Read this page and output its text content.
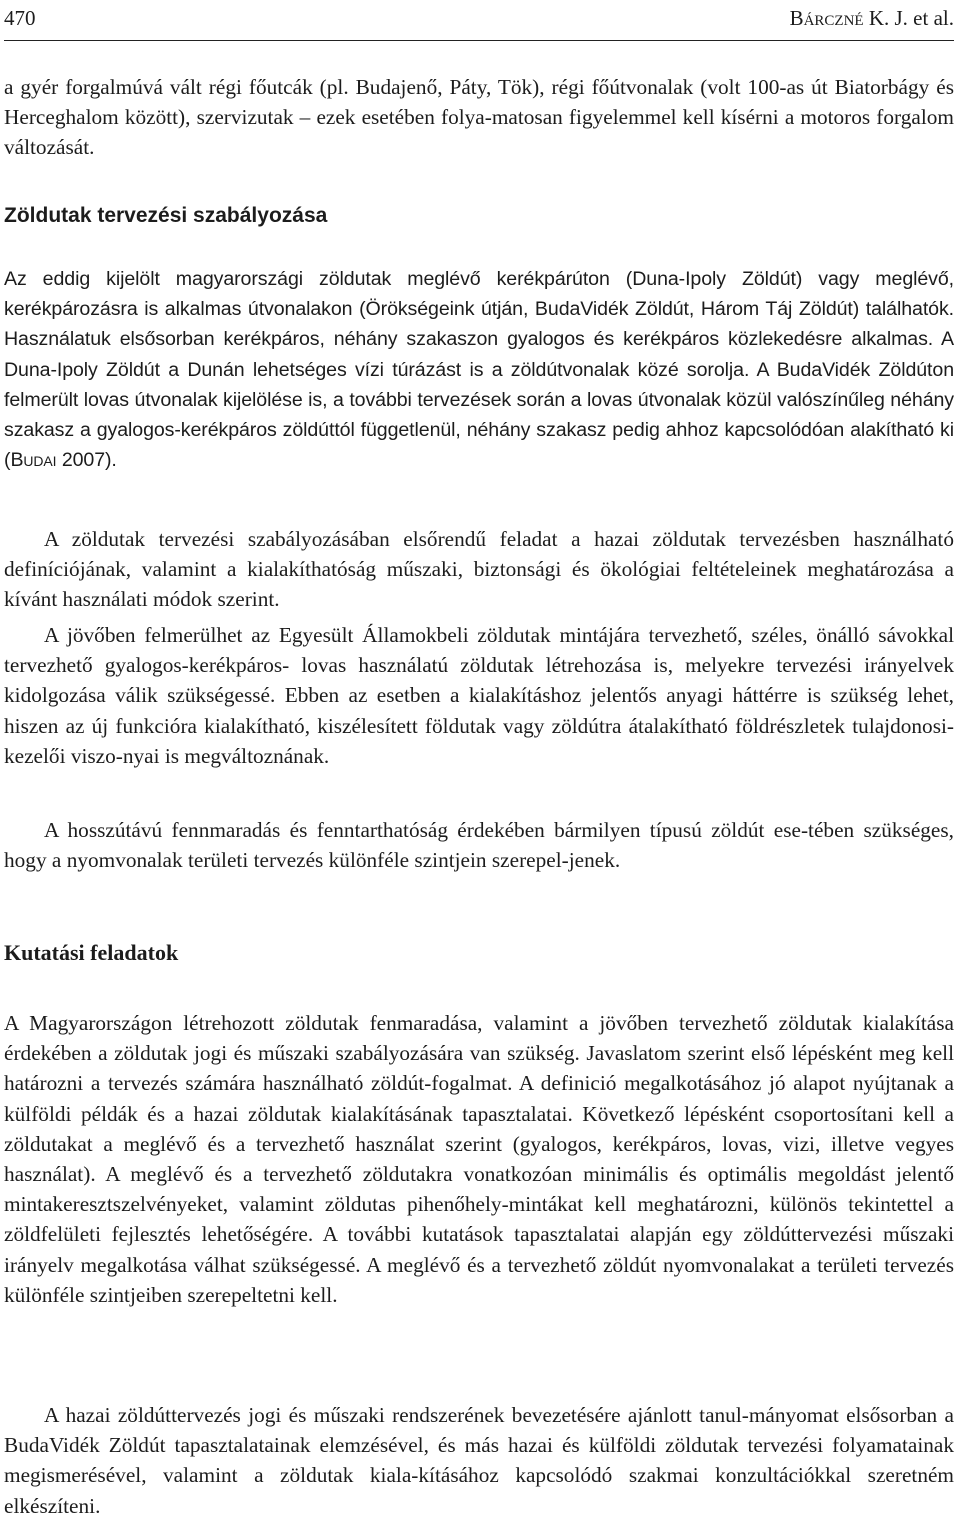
470	Bárczné K. J. et al.

a gyér forgalmúvá vált régi főutcák (pl. Budajenő, Páty, Tök), régi főútvonalak (volt 100-as út Biatorbágy és Herceghalom között), szervizutak – ezek esetében folya-matosan figyelemmel kell kísérni a motoros forgalom változását.

Zöldutak tervezési szabályozása

Az eddig kijelölt magyarországi zöldutak meglévő kerékpárúton (Duna-Ipoly Zöldút) vagy meglévő, kerékpározásra is alkalmas útvonalakon (Örökségeink útján, BudaVidék Zöldút, Három Táj Zöldút) találhatók. Használatuk elsősorban kerékpáros, néhány szakaszon gyalogos és kerékpáros közlekedésre alkalmas. A Duna-Ipoly Zöldút a Dunán lehetséges vízi túrázást is a zöldútvonalak közé sorolja. A BudaVidék Zöldúton felmerült lovas útvonalak kijelölése is, a további tervezések során a lovas útvonalak közül valószínűleg néhány szakasz a gyalogos-kerékpáros zöldúttól függetlenül, néhány szakasz pedig ahhoz kapcsolódóan alakítható ki (Budai 2007).

A zöldutak tervezési szabályozásában elsőrendű feladat a hazai zöldutak tervezésben használható definíciójának, valamint a kialakíthatóság műszaki, biztonsági és ökológiai feltételeinek meghatározása a kívánt használati módok szerint.

A jövőben felmerülhet az Egyesült Államokbeli zöldutak mintájára tervezhető, széles, önálló sávokkal tervezhető gyalogos-kerékpáros- lovas használatú zöldutak létrehozása is, melyekre tervezési irányelvek kidolgozása válik szükségessé. Ebben az esetben a kialakításhoz jelentős anyagi háttérre is szükség lehet, hiszen az új funkcióra kialakítható, kiszélesített földutak vagy zöldútra átalakítható földrészletek tulajdonosi-kezelői viszo-nyai is megváltoznának.

A hosszútávú fennmaradás és fenntarthatóság érdekében bármilyen típusú zöldút ese-tében szükséges, hogy a nyomvonalak területi tervezés különféle szintjein szerepel-jenek.

Kutatási feladatok

A Magyarországon létrehozott zöldutak fenmaradása, valamint a jövőben tervezhető zöldutak kialakítása érdekében a zöldutak jogi és műszaki szabályozására van szükség. Javaslatom szerint első lépésként meg kell határozni a tervezés számára használható zöldút-fogalmat. A definició megalkotásához jó alapot nyújtanak a külföldi példák és a hazai zöldutak kialakításának tapasztalatai. Következő lépésként csoportosítani kell a zöldutakat a meglévő és a tervezhető használat szerint (gyalogos, kerékpáros, lovas, vizi, illetve vegyes használat). A meglévő és a tervezhető zöldutakra vonatkozóan minimális és optimális megoldást jelentő mintakeresztszelvényeket, valamint zöldutas pihenőhely-mintákat kell meghatározni, különös tekintettel a zöldfelületi fejlesztés lehetőségére. A további kutatások tapasztalatai alapján egy zöldúttervezési műszaki irányelv megalkotása válhat szükségessé. A meglévő és a tervezhető zöldút nyomvonalakat a területi tervezés különféle szintjeiben szerepeltetni kell.

A hazai zöldúttervezés jogi és műszaki rendszerének bevezetésére ajánlott tanul-mányomat elsősorban a BudaVidék Zöldút tapasztalatainak elemzésével, és más hazai és külföldi zöldutak tervezési folyamatainak megismerésével, valamint a zöldutak kiala-kításához kapcsolódó szakmai konzultációkkal szeretném elkészíteni.
